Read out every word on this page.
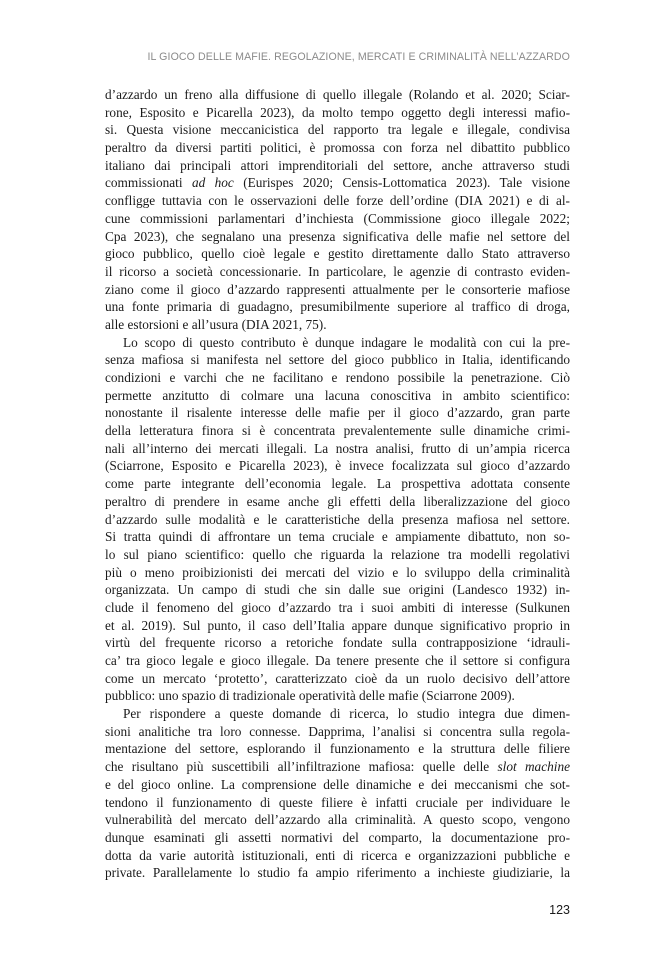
IL GIOCO DELLE MAFIE. REGOLAZIONE, MERCATI E CRIMINALITÀ NELL’AZZARDO
d’azzardo un freno alla diffusione di quello illegale (Rolando et al. 2020; Sciar-
rone, Esposito e Picarella 2023), da molto tempo oggetto degli interessi mafio-
si. Questa visione meccanicistica del rapporto tra legale e illegale, condivisa
peraltro da diversi partiti politici, è promossa con forza nel dibattito pubblico
italiano dai principali attori imprenditoriali del settore, anche attraverso studi
commissionati ad hoc (Eurispes 2020; Censis-Lottomatica 2023). Tale visione
confligge tuttavia con le osservazioni delle forze dell’ordine (DIA 2021) e di al-
cune commissioni parlamentari d’inchiesta (Commissione gioco illegale 2022;
Cpa 2023), che segnalano una presenza significativa delle mafie nel settore del
gioco pubblico, quello cioè legale e gestito direttamente dallo Stato attraverso
il ricorso a società concessionarie. In particolare, le agenzie di contrasto eviden-
ziano come il gioco d’azzardo rappresenti attualmente per le consorterie mafiose
una fonte primaria di guadagno, presumibilmente superiore al traffico di droga,
alle estorsioni e all’usura (DIA 2021, 75).
Lo scopo di questo contributo è dunque indagare le modalità con cui la pre-
senza mafiosa si manifesta nel settore del gioco pubblico in Italia, identificando
condizioni e varchi che ne facilitano e rendono possibile la penetrazione. Ciò
permette anzitutto di colmare una lacuna conoscitiva in ambito scientifico:
nonostante il risalente interesse delle mafie per il gioco d’azzardo, gran parte
della letteratura finora si è concentrata prevalentemente sulle dinamiche crimi-
nali all’interno dei mercati illegali. La nostra analisi, frutto di un’ampia ricerca
(Sciarrone, Esposito e Picarella 2023), è invece focalizzata sul gioco d’azzardo
come parte integrante dell’economia legale. La prospettiva adottata consente
peraltro di prendere in esame anche gli effetti della liberalizzazione del gioco
d’azzardo sulle modalità e le caratteristiche della presenza mafiosa nel settore.
Si tratta quindi di affrontare un tema cruciale e ampiamente dibattuto, non so-
lo sul piano scientifico: quello che riguarda la relazione tra modelli regolativi
più o meno proibizionisti dei mercati del vizio e lo sviluppo della criminalità
organizzata. Un campo di studi che sin dalle sue origini (Landesco 1932) in-
clude il fenomeno del gioco d’azzardo tra i suoi ambiti di interesse (Sulkunen
et al. 2019). Sul punto, il caso dell’Italia appare dunque significativo proprio in
virtù del frequente ricorso a retoriche fondate sulla contrapposizione ‘idrauli-
ca’ tra gioco legale e gioco illegale. Da tenere presente che il settore si configura
come un mercato ‘protetto’, caratterizzato cioè da un ruolo decisivo dell’attore
pubblico: uno spazio di tradizionale operatività delle mafie (Sciarrone 2009).
Per rispondere a queste domande di ricerca, lo studio integra due dimen-
sioni analitiche tra loro connesse. Dapprima, l’analisi si concentra sulla regola-
mentazione del settore, esplorando il funzionamento e la struttura delle filiere
che risultano più suscettibili all’infiltrazione mafiosa: quelle delle slot machine
e del gioco online. La comprensione delle dinamiche e dei meccanismi che sot-
tendono il funzionamento di queste filiere è infatti cruciale per individuare le
vulnerabilità del mercato dell’azzardo alla criminalità. A questo scopo, vengono
dunque esaminati gli assetti normativi del comparto, la documentazione pro-
dotta da varie autorità istituzionali, enti di ricerca e organizzazioni pubbliche e
private. Parallelamente lo studio fa ampio riferimento a inchieste giudiziarie, la
123
